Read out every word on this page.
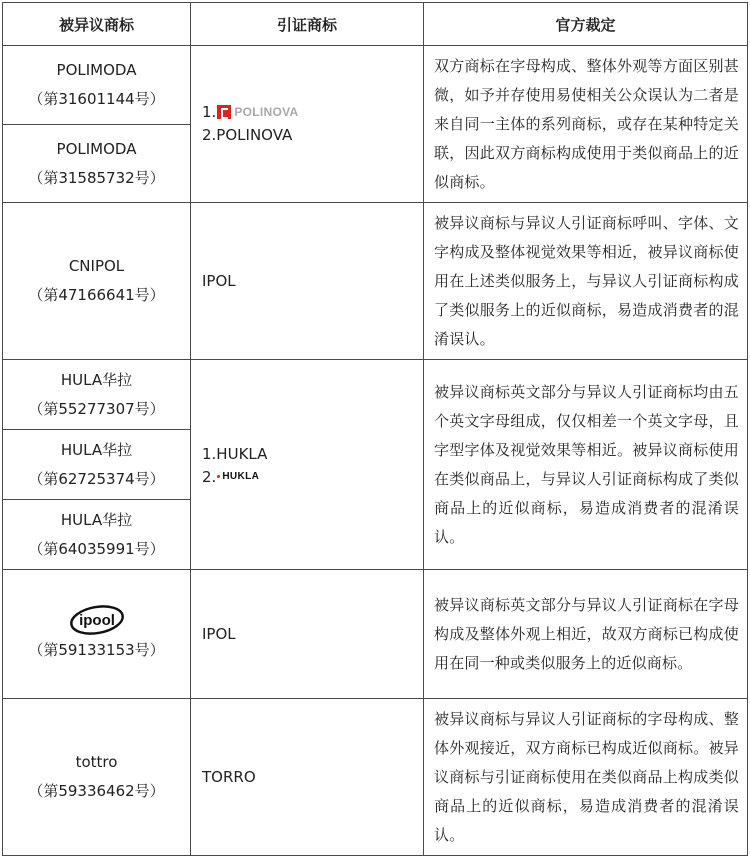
被异议商标	引证商标	官方裁定
POLIMODA
（第31601144号）
POLIMODA
（第31585732号）
1. POLINOVA
2.POLINOVA
双方商标在字母构成、整体外观等方面区别甚微，如予并存使用易使相关公众误认为二者是来自同一主体的系列商标，或存在某种特定关联，因此双方商标构成使用于类似商品上的近似商标。
CNIPOL
（第47166641号）
IPOL
被异议商标与异议人引证商标呼叫、字体、文字构成及整体视觉效果等相近，被异议商标使用在上述类似服务上，与异议人引证商标构成了类似服务上的近似商标，易造成消费者的混淆误认。
HULA华拉
（第55277307号）
HULA华拉
（第62725374号）
HULA华拉
（第64035991号）
1.HUKLA
2. HUKLA
被异议商标英文部分与异议人引证商标均由五个英文字母组成，仅仅相差一个英文字母，且字型字体及视觉效果等相近。被异议商标使用在类似商品上，与异议人引证商标构成了类似商品上的近似商标，易造成消费者的混淆误认。
ipool
（第59133153号）
IPOL
被异议商标英文部分与异议人引证商标在字母构成及整体外观上相近，故双方商标已构成使用在同一种或类似服务上的近似商标。
tottro
（第59336462号）
TORRO
被异议商标与异议人引证商标的字母构成、整体外观接近，双方商标已构成近似商标。被异议商标与引证商标使用在类似商品上构成类似商品上的近似商标，易造成消费者的混淆误认。
